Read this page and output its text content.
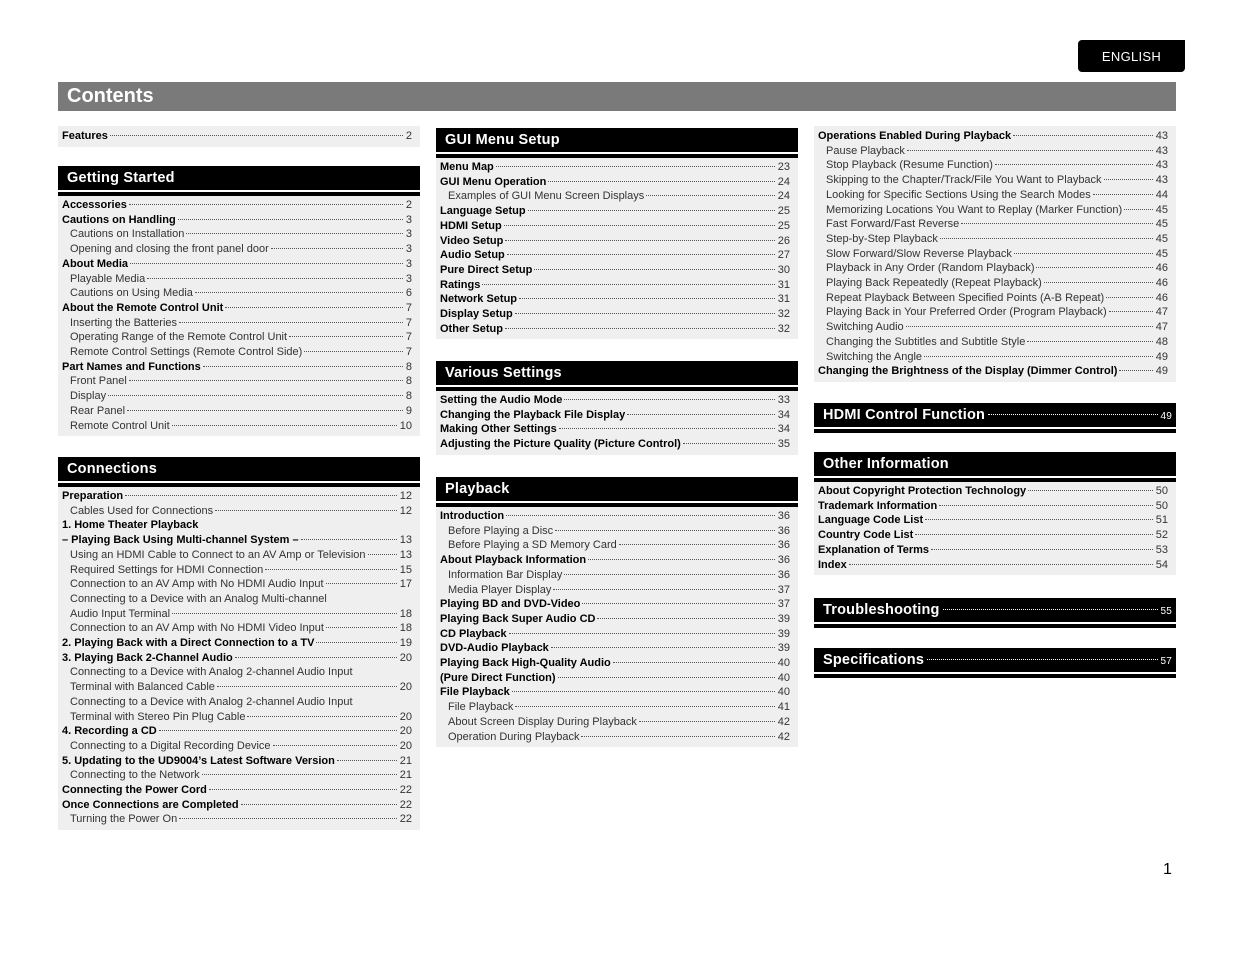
ENGLISH
Contents
Features	2
Getting Started
Accessories	2
Cautions on Handling	3
Cautions on Installation	3
Opening and closing the front panel door	3
About Media	3
Playable Media	3
Cautions on Using Media	6
About the Remote Control Unit	7
Inserting the Batteries	7
Operating Range of the Remote Control Unit	7
Remote Control Settings (Remote Control Side)	7
Part Names and Functions	8
Front Panel	8
Display	8
Rear Panel	9
Remote Control Unit	10
Connections
Preparation	12
Cables Used for Connections	12
1. Home Theater Playback
– Playing Back Using Multi-channel System –	13
Using an HDMI Cable to Connect to an AV Amp or Television	13
Required Settings for HDMI Connection	15
Connection to an AV Amp with No HDMI Audio Input	17
Connecting to a Device with an Analog Multi-channel
Audio Input Terminal	18
Connection to an AV Amp with No HDMI Video Input	18
2. Playing Back with a Direct Connection to a TV	19
3. Playing Back 2-Channel Audio	20
Connecting to a Device with Analog 2-channel Audio Input
Terminal with Balanced Cable	20
Connecting to a Device with Analog 2-channel Audio Input
Terminal with Stereo Pin Plug Cable	20
4. Recording a CD	20
Connecting to a Digital Recording Device	20
5. Updating to the UD9004’s Latest Software Version	21
Connecting to the Network	21
Connecting the Power Cord	22
Once Connections are Completed	22
Turning the Power On	22
GUI Menu Setup
Menu Map	23
GUI Menu Operation	24
Examples of GUI Menu Screen Displays	24
Language Setup	25
HDMI Setup	25
Video Setup	26
Audio Setup	27
Pure Direct Setup	30
Ratings	31
Network Setup	31
Display Setup	32
Other Setup	32
Various Settings
Setting the Audio Mode	33
Changing the Playback File Display	34
Making Other Settings	34
Adjusting the Picture Quality (Picture Control)	35
Playback
Introduction	36
Before Playing a Disc	36
Before Playing a SD Memory Card	36
About Playback Information	36
Information Bar Display	36
Media Player Display	37
Playing BD and DVD-Video	37
Playing Back Super Audio CD	39
CD Playback	39
DVD-Audio Playback	39
Playing Back High-Quality Audio	40
(Pure Direct Function)	40
File Playback	40
File Playback	41
About Screen Display During Playback	42
Operation During Playback	42
Operations Enabled During Playback	43
Pause Playback	43
Stop Playback (Resume Function)	43
Skipping to the Chapter/Track/File You Want to Playback	43
Looking for Specific Sections Using the Search Modes	44
Memorizing Locations You Want to Replay (Marker Function)	45
Fast Forward/Fast Reverse	45
Step-by-Step Playback	45
Slow Forward/Slow Reverse Playback	45
Playback in Any Order (Random Playback)	46
Playing Back Repeatedly (Repeat Playback)	46
Repeat Playback Between Specified Points (A-B Repeat)	46
Playing Back in Your Preferred Order (Program Playback)	47
Switching Audio	47
Changing the Subtitles and Subtitle Style	48
Switching the Angle	49
Changing the Brightness of the Display (Dimmer Control)	49
HDMI Control Function	49
Other Information
About Copyright Protection Technology	50
Trademark Information	50
Language Code List	51
Country Code List	52
Explanation of Terms	53
Index	54
Troubleshooting	55
Specifications	57
1
